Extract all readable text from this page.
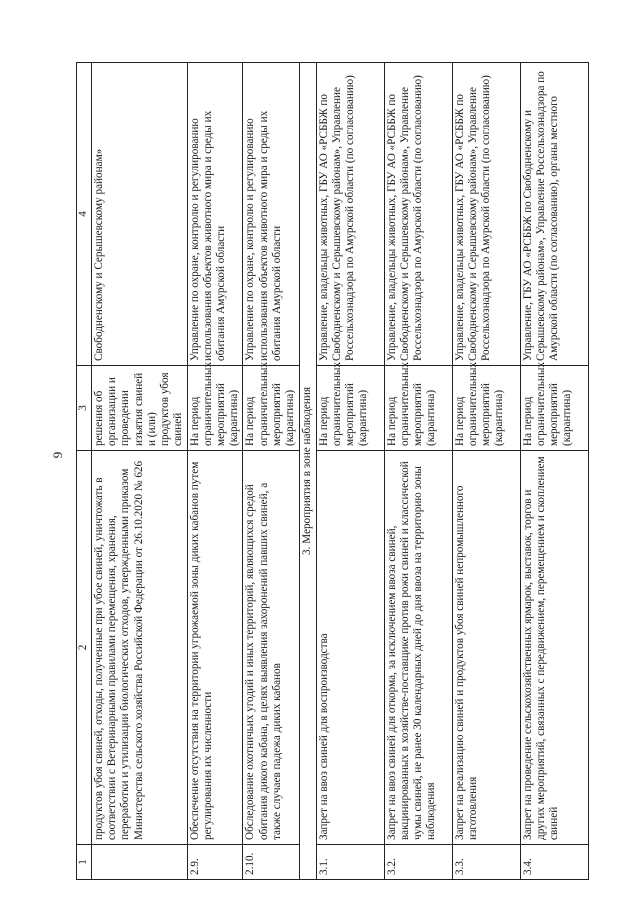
9
1	2	3	4
	продуктов убоя свиней, отходы, полученные при убое свиней, уничтожать в соответствии с Ветеринарными правилами перемещения, хранения, переработки и утилизации биологических отходов, утвержденными приказом Министерства сельского хозяйства Российской Федерации от 26.10.2020 № 626	решения об организации и проведении изъятия свиней и (или) продуктов убоя свиней	Свободненскому и Серышевскому районам»
2.9.	Обеспечение отсутствия на территории угрожаемой зоны диких кабанов путем регулирования их численности	На период ограничительных мероприятий (карантина)	Управление по охране, контролю и регулированию использования объектов животного мира и среды их обитания Амурской области
2.10.	Обследование охотничьих угодий и иных территорий, являющихся средой обитания дикого кабана, в целях выявления захоронений павших свиней, а также случаев падежа диких кабанов	На период ограничительных мероприятий (карантина)	Управление по охране, контролю и регулированию использования объектов животного мира и среды их обитания Амурской области
3. Мероприятия в зоне наблюдения			
3.1.	Запрет на ввоз свиней для воспроизводства	На период ограничительных мероприятий (карантина)	Управление, владельцы животных, ГБУ АО «РСББЖ по Свободненскому и Серышевскому районам», Управление Россельхознадзора по Амурской области (по согласованию)
3.2.	Запрет на ввоз свиней для откорма, за исключением ввоза свиней, вакцинированных в хозяйстве-поставщике против рожи свиней и классической чумы свиней, не ранее 30 календарных дней до дня ввоза на территорию зоны наблюдения	На период ограничительных мероприятий (карантина)	Управление, владельцы животных, ГБУ АО «РСББЖ по Свободненскому и Серышевскому районам», Управление Россельхознадзора по Амурской области (по согласованию)
3.3.	Запрет на реализацию свиней и продуктов убоя свиней непромышленного изготовления	На период ограничительных мероприятий (карантина)	Управление, владельцы животных, ГБУ АО «РСББЖ по Свободненскому и Серышевскому районам», Управление Россельхознадзора по Амурской области (по согласованию)
3.4.	Запрет на проведение сельскохозяйственных ярмарок, выставок, торгов и других мероприятий, связанных с передвижением, перемещением и скоплением свиней	На период ограничительных мероприятий (карантина)	Управление, ГБУ АО «РСББЖ по Свободненскому и Серышевскому районам», Управление Россельхознадзора по Амурской области (по согласованию), органы местного
